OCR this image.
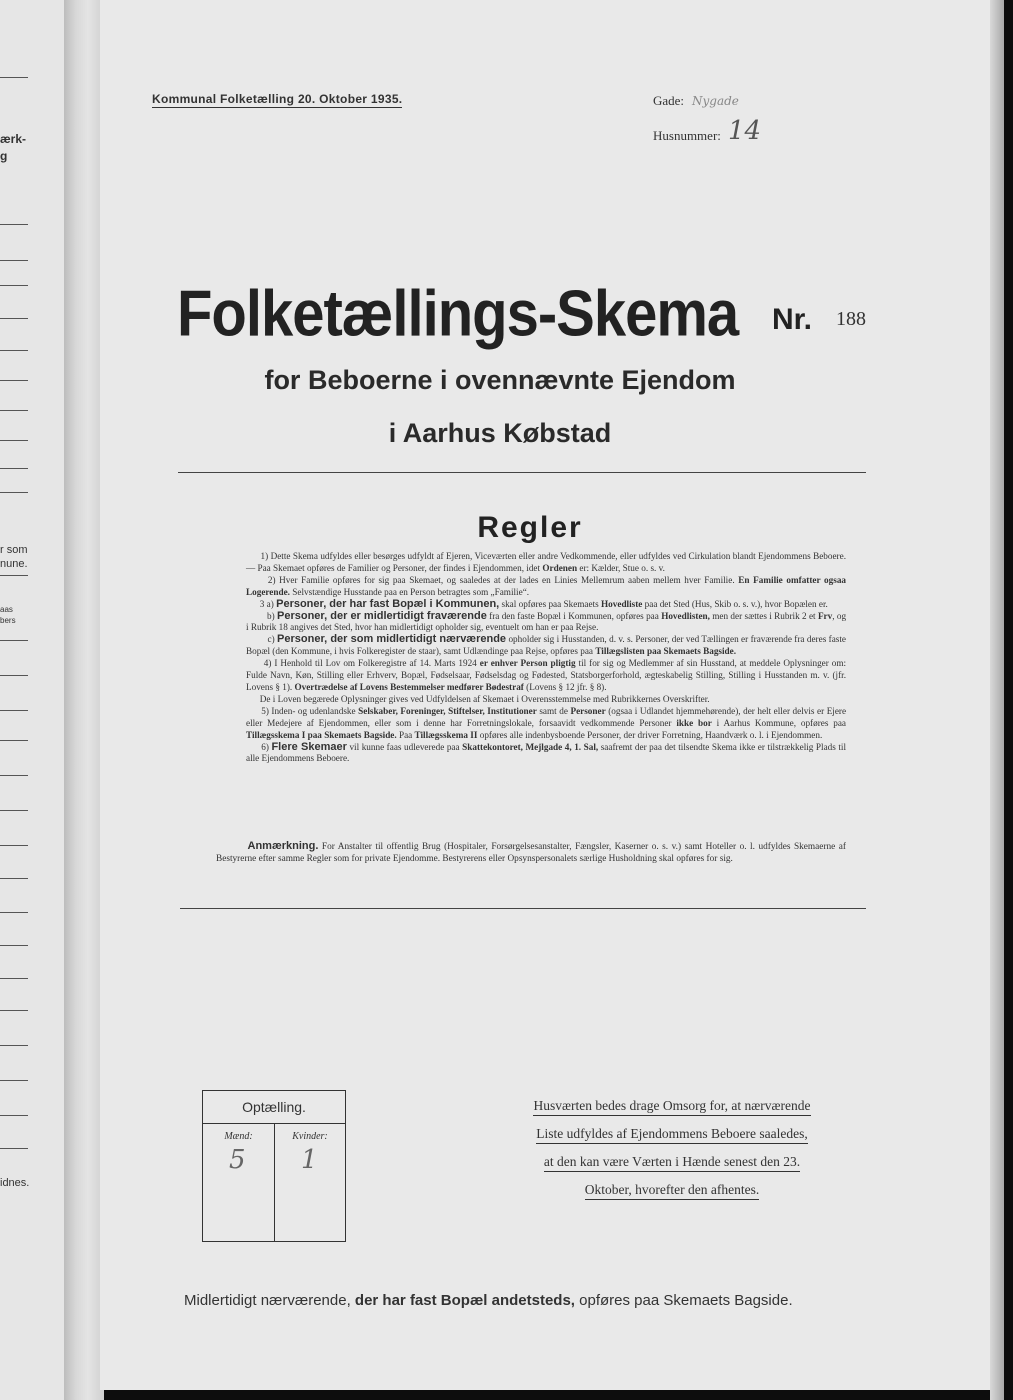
ærk-
g
r som
nune.
aas
bers
idnes.
Kommunal Folketælling 20. Oktober 1935.	Gade: Nygade
Husnummer: 14
Folketællings-Skema Nr. 188
for Beboerne i ovennævnte Ejendom
i Aarhus Købstad
Regler

1) Dette Skema udfyldes eller besørges udfyldt af Ejeren, Viceværten eller andre Vedkommende, eller udfyldes ved Cirkulation blandt Ejendommens Beboere. — Paa Skemaet opføres de Familier og Personer, der findes i Ejendommen, idet Ordenen er: Kælder, Stue o. s. v.

2) Hver Familie opføres for sig paa Skemaet, og saaledes at der lades en Linies Mellemrum aaben mellem hver Familie. En Familie omfatter ogsaa Logerende. Selvstændige Husstande paa en Person betragtes som „Familie“.

3 a) Personer, der har fast Bopæl i Kommunen, skal opføres paa Skemaets Hovedliste paa det Sted (Hus, Skib o. s. v.), hvor Bopælen er.

b) Personer, der er midlertidigt fraværende fra den faste Bopæl i Kommunen, opføres paa Hovedlisten, men der sættes i Rubrik 2 et Frv, og i Rubrik 18 angives det Sted, hvor han midlertidigt opholder sig, eventuelt om han er paa Rejse.

c) Personer, der som midlertidigt nærværende opholder sig i Husstanden, d. v. s. Personer, der ved Tællingen er fraværende fra deres faste Bopæl (den Kommune, i hvis Folkeregister de staar), samt Udlændinge paa Rejse, opføres paa Tillægslisten paa Skemaets Bagside.

4) I Henhold til Lov om Folkeregistre af 14. Marts 1924 er enhver Person pligtig til for sig og Medlemmer af sin Husstand, at meddele Oplysninger om: Fulde Navn, Køn, Stilling eller Erhverv, Bopæl, Fødselsaar, Fødselsdag og Fødested, Statsborgerforhold, ægteskabelig Stilling, Stilling i Husstanden m. v. (jfr. Lovens § 1). Overtrædelse af Lovens Bestemmelser medfører Bødestraf (Lovens § 12 jfr. § 8).

De i Loven begærede Oplysninger gives ved Udfyldelsen af Skemaet i Overensstemmelse med Rubrikkernes Overskrifter.

5) Inden- og udenlandske Selskaber, Foreninger, Stiftelser, Institutioner samt de Personer (ogsaa i Udlandet hjemmehørende), der helt eller delvis er Ejere eller Medejere af Ejendommen, eller som i denne har Forretningslokale, forsaavidt vedkommende Personer ikke bor i Aarhus Kommune, opføres paa Tillægsskema I paa Skemaets Bagside. Paa Tillægsskema II opføres alle indenbysboende Personer, der driver Forretning, Haandværk o. l. i Ejendommen.

6) Flere Skemaer vil kunne faas udleverede paa Skattekontoret, Mejlgade 4, 1. Sal, saafremt der paa det tilsendte Skema ikke er tilstrækkelig Plads til alle Ejendommens Beboere.

Anmærkning. For Anstalter til offentlig Brug (Hospitaler, Forsørgelsesanstalter, Fængsler, Kaserner o. s. v.) samt Hoteller o. l. udfyldes Skemaerne af Bestyrerne efter samme Regler som for private Ejendomme. Bestyrerens eller Opsynspersonalets særlige Husholdning skal opføres for sig.
Optælling.
Mænd:	Kvinder:
5 1
Husværten bedes drage Omsorg for, at nærværende
Liste udfyldes af Ejendommens Beboere saaledes,
at den kan være Værten i Hænde senest den 23.
Oktober, hvorefter den afhentes.
Midlertidigt nærværende, der har fast Bopæl andetsteds, opføres paa Skemaets Bagside.
